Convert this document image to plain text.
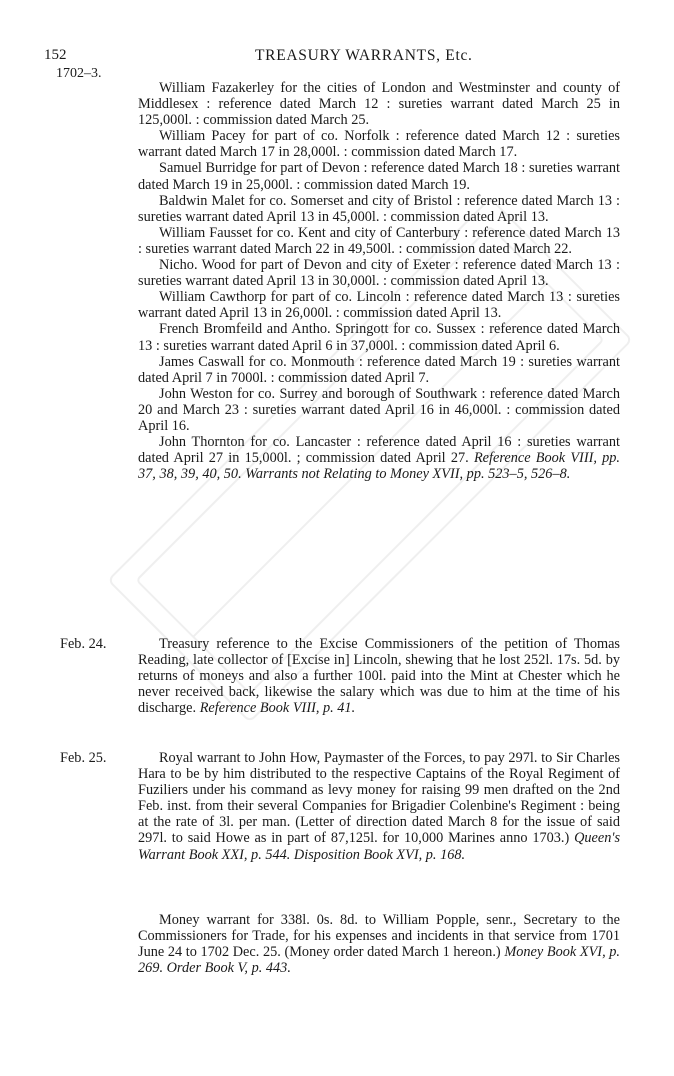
152	TREASURY WARRANTS, Etc.
1702–3.

William Fazakerley for the cities of London and Westminster and county of Middlesex : reference dated March 12 : sureties warrant dated March 25 in 125,000l. : commission dated March 25.

William Pacey for part of co. Norfolk : reference dated March 12 : sureties warrant dated March 17 in 28,000l. : commission dated March 17.

Samuel Burridge for part of Devon : reference dated March 18 : sureties warrant dated March 19 in 25,000l. : commission dated March 19.

Baldwin Malet for co. Somerset and city of Bristol : reference dated March 13 : sureties warrant dated April 13 in 45,000l. : commission dated April 13.

William Fausset for co. Kent and city of Canterbury : reference dated March 13 : sureties warrant dated March 22 in 49,500l. : commission dated March 22.

Nicho. Wood for part of Devon and city of Exeter : reference dated March 13 : sureties warrant dated April 13 in 30,000l. : commission dated April 13.

William Cawthorp for part of co. Lincoln : reference dated March 13 : sureties warrant dated April 13 in 26,000l. : commission dated April 13.

French Bromfeild and Antho. Springott for co. Sussex : reference dated March 13 : sureties warrant dated April 6 in 37,000l. : commission dated April 6.

James Caswall for co. Monmouth : reference dated March 19 : sureties warrant dated April 7 in 7000l. : commission dated April 7.

John Weston for co. Surrey and borough of Southwark : reference dated March 20 and March 23 : sureties warrant dated April 16 in 46,000l. : commission dated April 16.

John Thornton for co. Lancaster : reference dated April 16 : sureties warrant dated April 27 in 15,000l. ; commission dated April 27. Reference Book VIII, pp. 37, 38, 39, 40, 50. Warrants not Relating to Money XVII, pp. 523–5, 526–8.

Feb. 24.	Treasury reference to the Excise Commissioners of the petition of Thomas Reading, late collector of [Excise in] Lincoln, shewing that he lost 252l. 17s. 5d. by returns of moneys and also a further 100l. paid into the Mint at Chester which he never received back, likewise the salary which was due to him at the time of his discharge. Reference Book VIII, p. 41.

Feb. 25.	Royal warrant to John How, Paymaster of the Forces, to pay 297l. to Sir Charles Hara to be by him distributed to the respective Captains of the Royal Regiment of Fuziliers under his command as levy money for raising 99 men drafted on the 2nd Feb. inst. from their several Companies for Brigadier Colenbine's Regiment : being at the rate of 3l. per man. (Letter of direction dated March 8 for the issue of said 297l. to said Howe as in part of 87,125l. for 10,000 Marines anno 1703.) Queen's Warrant Book XXI, p. 544. Disposition Book XVI, p. 168.

Money warrant for 338l. 0s. 8d. to William Popple, senr., Secretary to the Commissioners for Trade, for his expenses and incidents in that service from 1701 June 24 to 1702 Dec. 25. (Money order dated March 1 hereon.) Money Book XVI, p. 269. Order Book V, p. 443.
